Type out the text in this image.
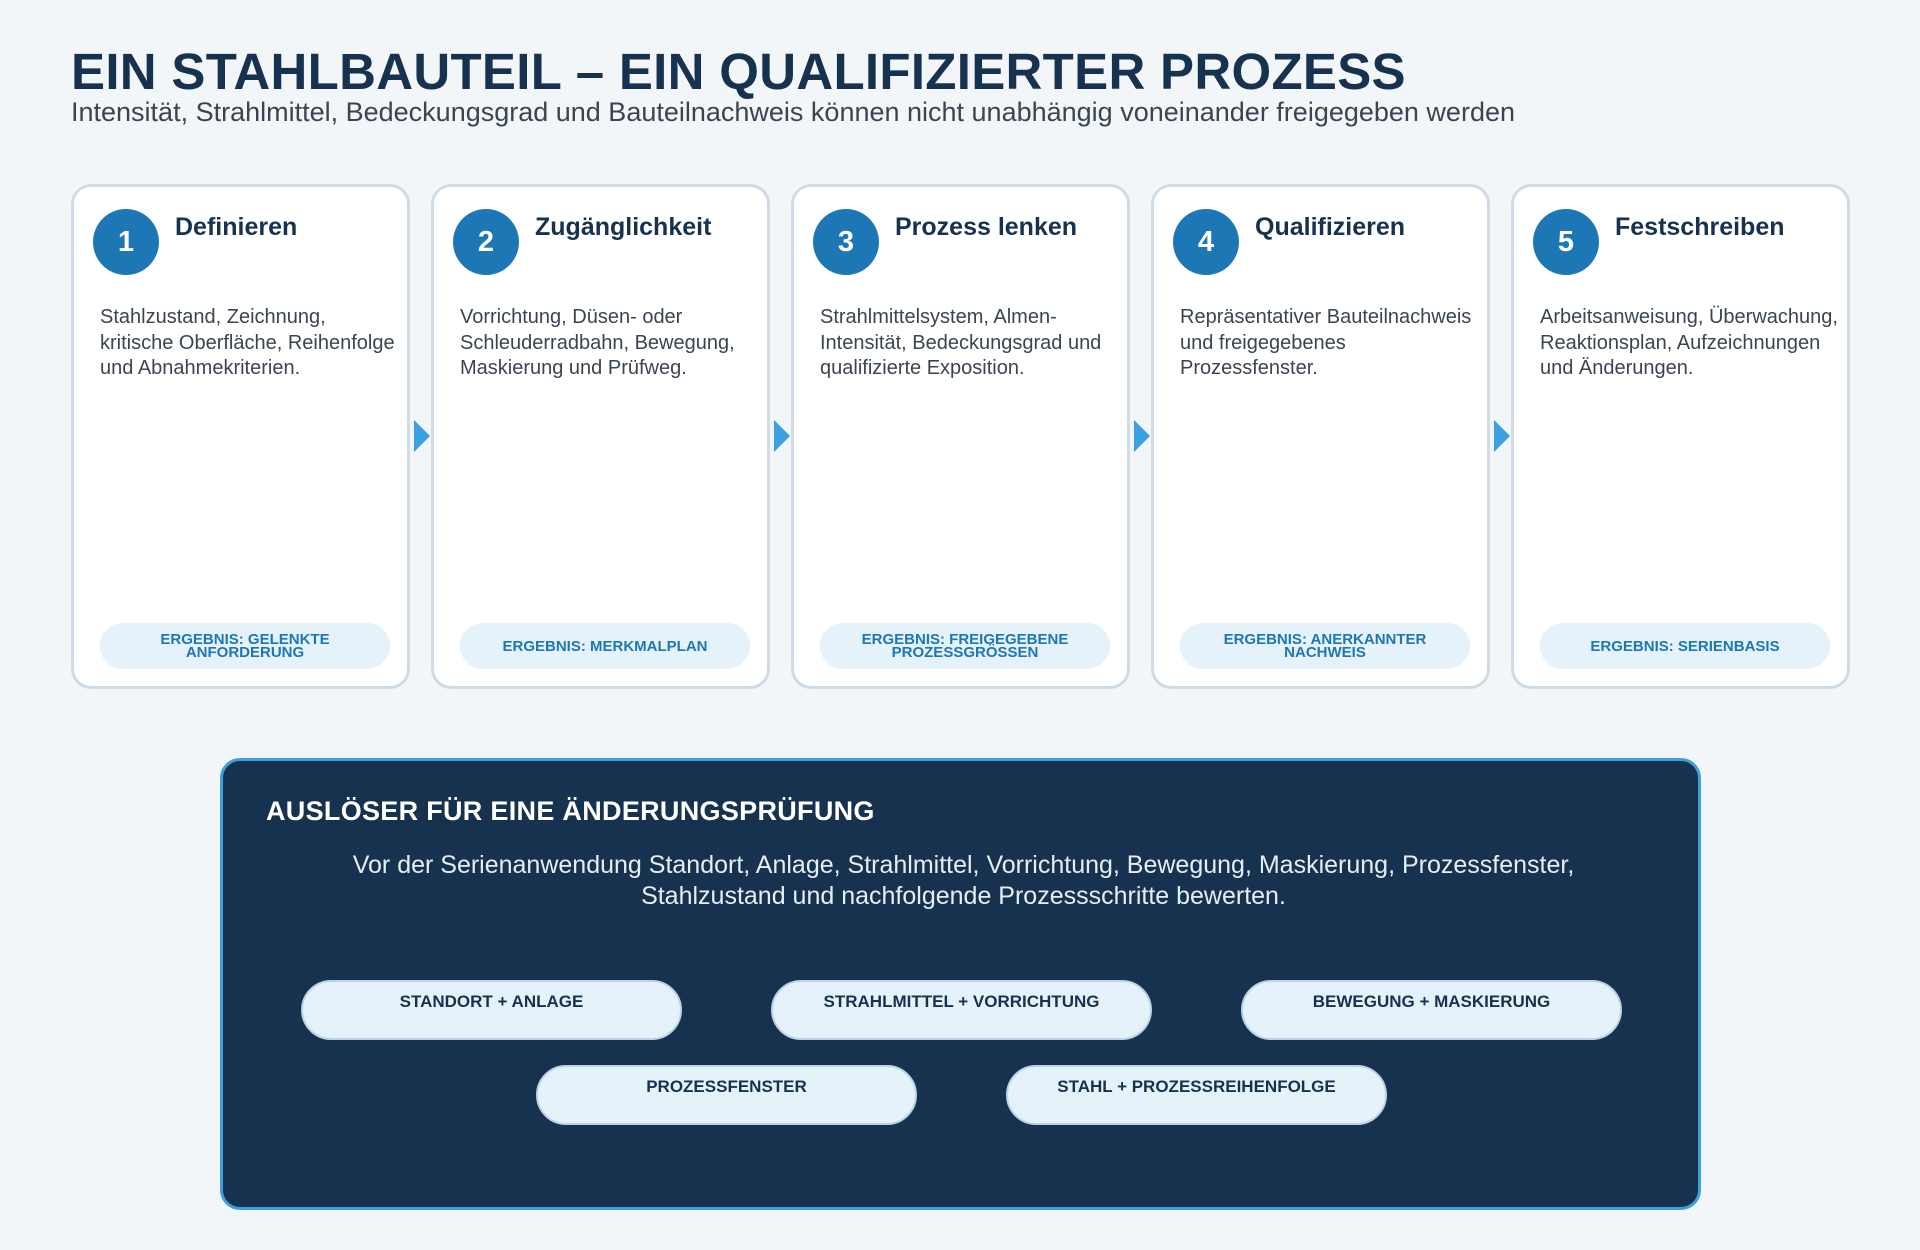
EIN STAHLBAUTEIL – EIN QUALIFIZIERTER PROZESS
Intensität, Strahlmittel, Bedeckungsgrad und Bauteilnachweis können nicht unabhängig voneinander freigegeben werden
1	Definieren
Stahlzustand, Zeichnung, kritische Oberfläche, Reihenfolge und Abnahmekriterien.
ERGEBNIS: GELENKTE ANFORDERUNG
2	Zugänglichkeit
Vorrichtung, Düsen- oder Schleuderradbahn, Bewegung, Maskierung und Prüfweg.
ERGEBNIS: MERKMALPLAN
3	Prozess lenken
Strahlmittelsystem, Almen-Intensität, Bedeckungsgrad und qualifizierte Exposition.
ERGEBNIS: FREIGEGEBENE PROZESSGRÖSSEN
4	Qualifizieren
Repräsentativer Bauteilnachweis und freigegebenes Prozessfenster.
ERGEBNIS: ANERKANNTER NACHWEIS
5	Festschreiben
Arbeitsanweisung, Überwachung, Reaktionsplan, Aufzeichnungen und Änderungen.
ERGEBNIS: SERIENBASIS
AUSLÖSER FÜR EINE ÄNDERUNGSPRÜFUNG
Vor der Serienanwendung Standort, Anlage, Strahlmittel, Vorrichtung, Bewegung, Maskierung, Prozessfenster, Stahlzustand und nachfolgende Prozessschritte bewerten.
STANDORT + ANLAGE	STRAHLMITTEL + VORRICHTUNG	BEWEGUNG + MASKIERUNG
PROZESSFENSTER	STAHL + PROZESSREIHENFOLGE
